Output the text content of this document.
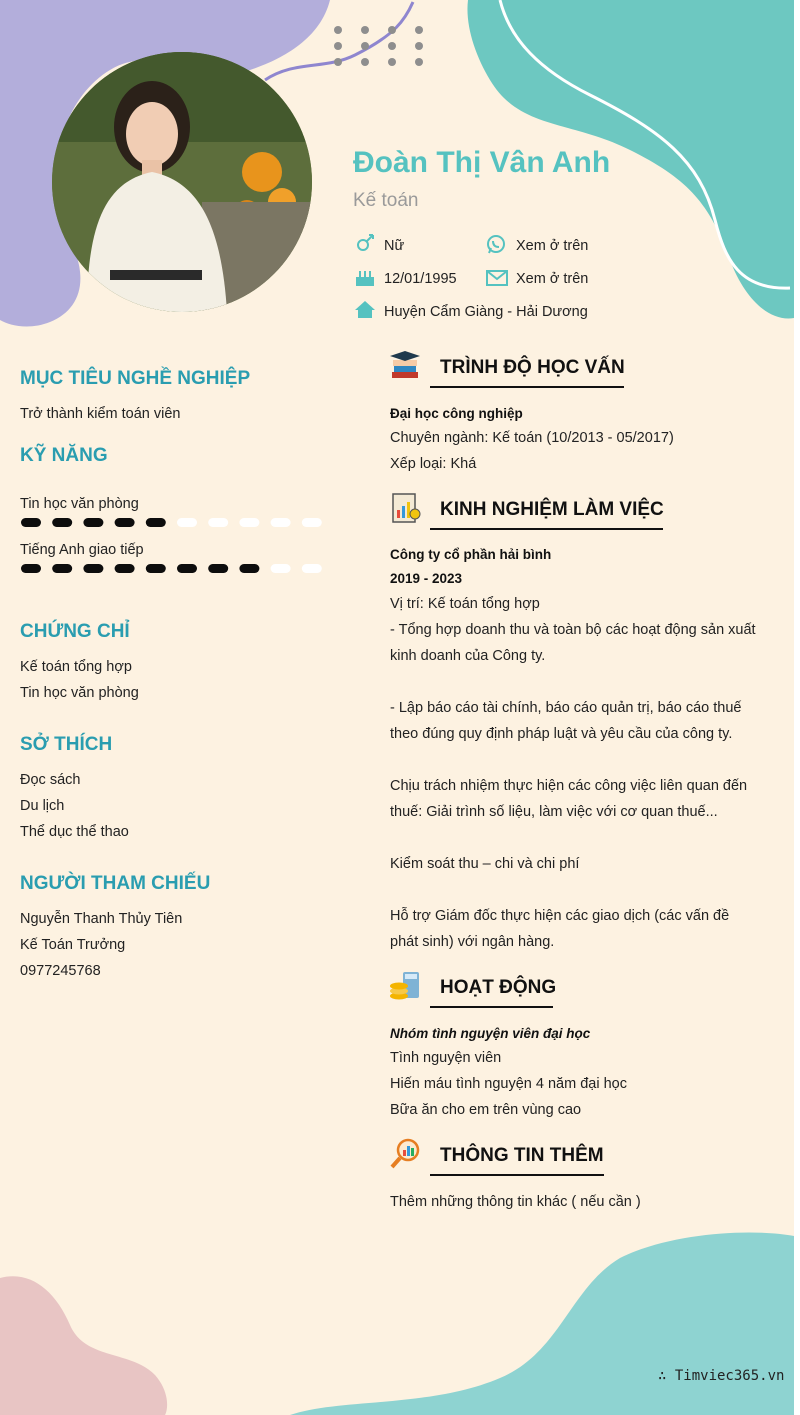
Đoàn Thị Vân Anh
Kế toán
Nữ	Xem ở trên
12/01/1995	Xem ở trên
Huyện Cẩm Giàng - Hải Dương
MỤC TIÊU NGHỀ NGHIỆP
Trở thành kiểm toán viên
KỸ NĂNG
Tin học văn phòng
Tiếng Anh giao tiếp
CHỨNG CHỈ
Kế toán tổng hợp
Tin học văn phòng
SỞ THÍCH
Đọc sách
Du lịch
Thể dục thể thao
NGƯỜI THAM CHIẾU
Nguyễn Thanh Thủy Tiên
Kế Toán Trưởng
0977245768
TRÌNH ĐỘ HỌC VẤN
Đại học công nghiệp
Chuyên ngành: Kế toán (10/2013 - 05/2017)
Xếp loại: Khá
KINH NGHIỆM LÀM VIỆC
Công ty cổ phần hải bình
2019 - 2023
Vị trí: Kế toán tổng hợp
- Tổng hợp doanh thu và toàn bộ các hoạt động sản xuất
kinh doanh của Công ty.
- Lập báo cáo tài chính, báo cáo quản trị, báo cáo thuế
theo đúng quy định pháp luật và yêu cầu của công ty.
Chịu trách nhiệm thực hiện các công việc liên quan đến
thuế: Giải trình số liệu, làm việc với cơ quan thuế...
Kiểm soát thu – chi và chi phí
Hỗ trợ Giám đốc thực hiện các giao dịch (các vấn đề
phát sinh) với ngân hàng.
HOẠT ĐỘNG
Nhóm tình nguyện viên đại học
Tình nguyện viên
Hiến máu tình nguyện 4 năm đại học
Bữa ăn cho em trên vùng cao
THÔNG TIN THÊM
Thêm những thông tin khác ( nếu cần )
∴ Timviec365.vn
